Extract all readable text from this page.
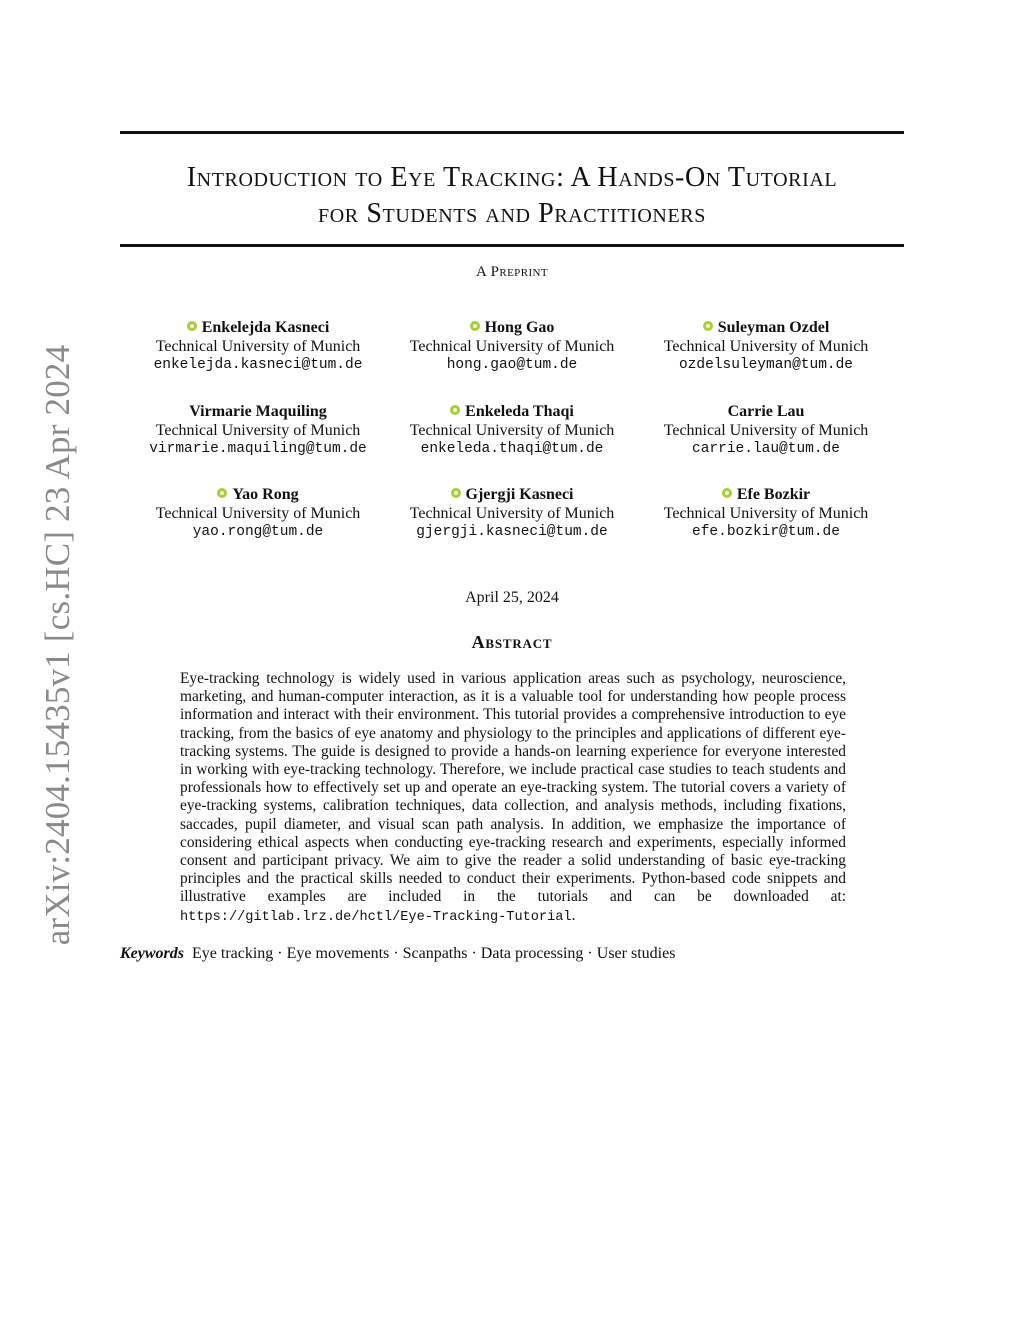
arXiv:2404.15435v1 [cs.HC] 23 Apr 2024
Introduction to Eye Tracking: A Hands-On Tutorial
for Students and Practitioners
A Preprint
Enkelejda Kasneci
Technical University of Munich
enkelejda.kasneci@tum.de
Hong Gao
Technical University of Munich
hong.gao@tum.de
Suleyman Ozdel
Technical University of Munich
ozdelsuleyman@tum.de
Virmarie Maquiling
Technical University of Munich
virmarie.maquiling@tum.de
Enkeleda Thaqi
Technical University of Munich
enkeleda.thaqi@tum.de
Carrie Lau
Technical University of Munich
carrie.lau@tum.de
Yao Rong
Technical University of Munich
yao.rong@tum.de
Gjergji Kasneci
Technical University of Munich
gjergji.kasneci@tum.de
Efe Bozkir
Technical University of Munich
efe.bozkir@tum.de
April 25, 2024
Abstract
Eye-tracking technology is widely used in various application areas such as psychology, neuroscience, marketing, and human-computer interaction, as it is a valuable tool for understanding how people process information and interact with their environment. This tutorial provides a comprehensive introduction to eye tracking, from the basics of eye anatomy and physiology to the principles and applications of different eye-tracking systems. The guide is designed to provide a hands-on learning experience for everyone interested in working with eye-tracking technology. Therefore, we include practical case studies to teach students and professionals how to effectively set up and operate an eye-tracking system. The tutorial covers a variety of eye-tracking systems, calibration techniques, data collection, and analysis methods, including fixations, saccades, pupil diameter, and visual scan path analysis. In addition, we emphasize the importance of considering ethical aspects when conducting eye-tracking research and experiments, especially informed consent and participant privacy. We aim to give the reader a solid understanding of basic eye-tracking principles and the practical skills needed to conduct their experiments. Python-based code snippets and illustrative examples are included in the tutorials and can be downloaded at: https://gitlab.lrz.de/hctl/Eye-Tracking-Tutorial.
Keywords Eye tracking · Eye movements · Scanpaths · Data processing · User studies
